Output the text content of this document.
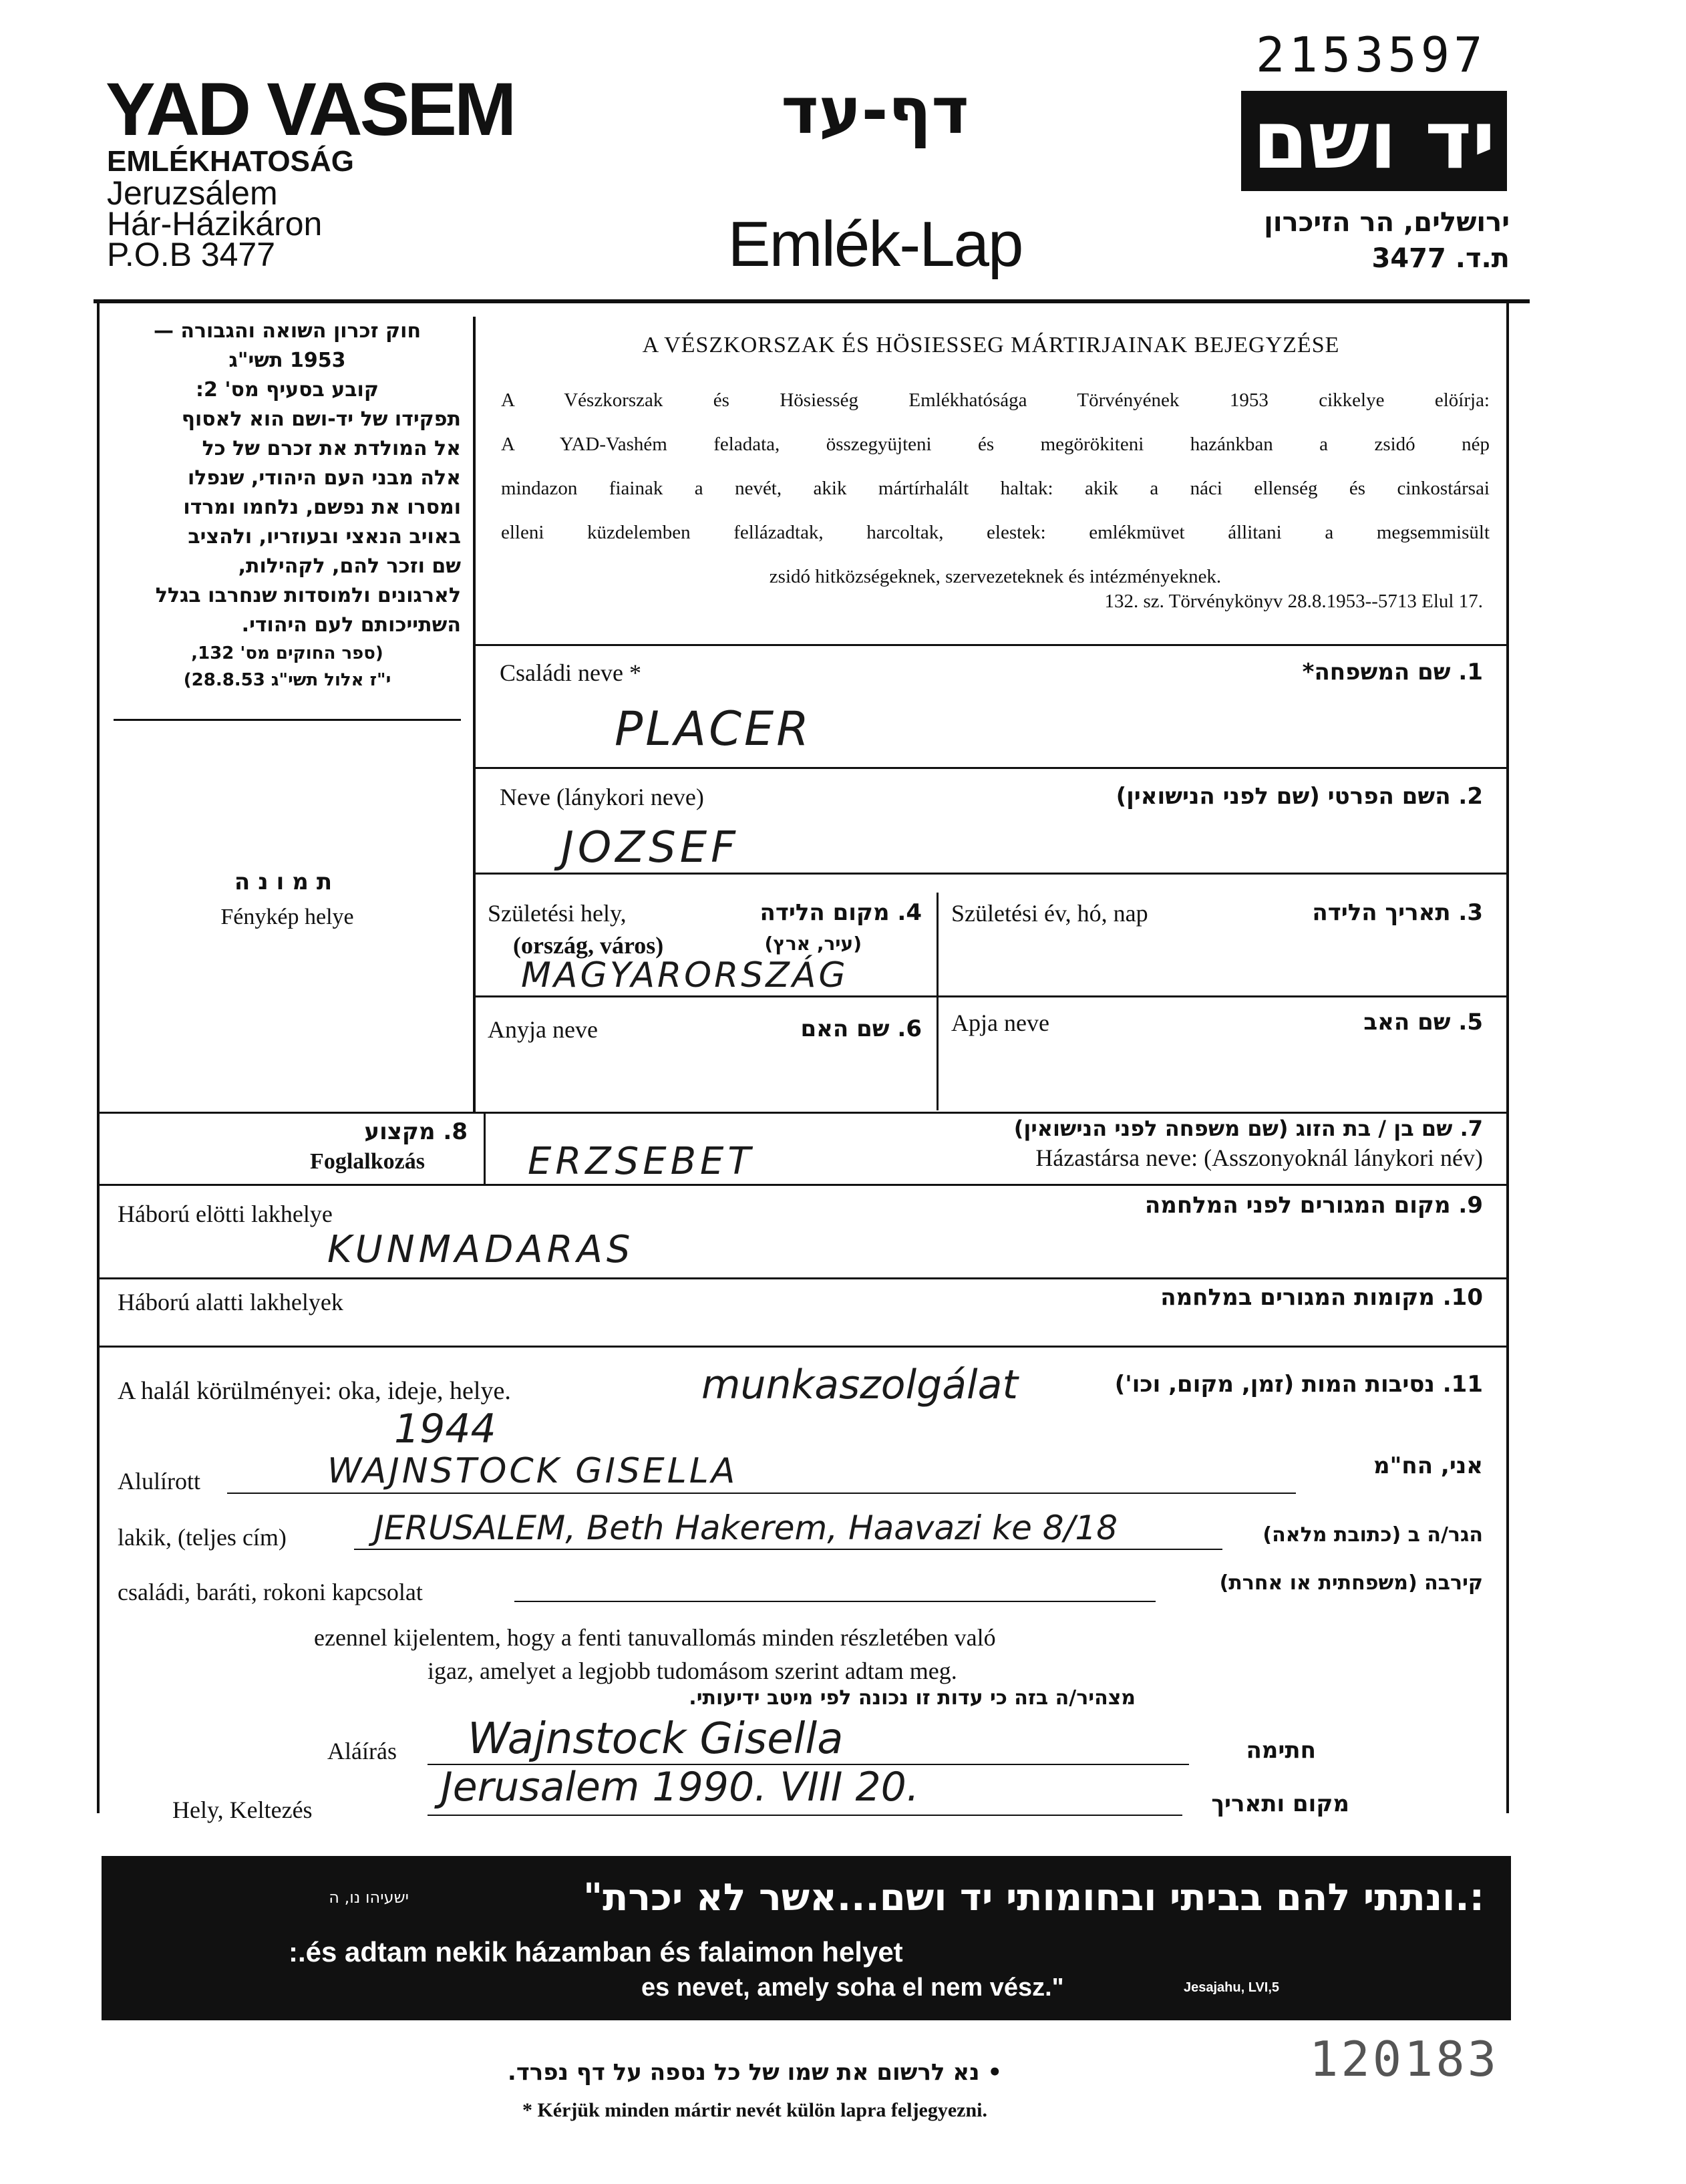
2153597
YAD VASEM
EMLÉKHATOSÁG
Jeruzsálem
Hár-Házikáron
P.O.B 3477
דף-עד
Emlék-Lap
יד ושם
ירושלים, הר הזיכרון
ת.ד. 3477
חוק זכרון השואה והגבורה —
1953 תשי"ג
קובע בסעיף מס' 2:
תפקידו של יד-ושם הוא לאסוף
אל המולדת את זכרם של כל
אלה מבני העם היהודי, שנפלו
ומסרו את נפשם, נלחמו ומרדו
באויב הנאצי ובעוזריו, ולהציב
שם וזכר להם, לקהילות,
לארגונים ולמוסדות שנחרבו בגלל
השתייכותם לעם היהודי.
(ספר החוקים מס' 132,
י"ז אלול תשי"ג 28.8.53)
תמונה
Fénykép helye
A VÉSZKORSZAK ÉS HÖSIESSEG MÁRTIRJAINAK BEJEGYZÉSE
A Vészkorszak és Hösiesség Emlékhatósága Törvényének 1953 cikkelye elöírja:
A YAD-Vashém feladata, összegyüjteni és megörökiteni hazánkban a zsidó nép
mindazon fiainak a nevét, akik mártírhalált haltak: akik a náci ellenség és cinkostársai
elleni küzdelemben fellázadtak, harcoltak, elestek: emlékmüvet állitani a megsemmisült
zsidó hitközségeknek, szervezeteknek és intézményeknek.
132. sz. Törvénykönyv 28.8.1953--5713 Elul 17.
Családi neve *	1. שם המשפחה*
PLACER
Neve (lánykori neve)	2. השם הפרטי (שם לפני הנישואין)
JOZSEF
Születési hely,
(ország, város)
4. מקום הלידה
(עיר, ארץ)
MAGYARORSZÁG
Születési év, hó, nap	3. תאריך הלידה
Anyja neve	6. שם האם Apja neve	5. שם האב
8. מקצוע
Foglalkozás
7. שם בן / בת הזוג (שם משפחה לפני הנישואין)
Házastársa neve: (Asszonyoknál lánykori név)
ERZSEBET
Háború elötti lakhelye	9. מקום המגורים לפני המלחמה
KUNMADARAS
Háború alatti lakhelyek	10. מקומות המגורים במלחמה
A halál körülményei: oka, ideje, helye.	11. נסיבות המות (זמן, מקום, וכו')
munkaszolgálat
1944
Alulírott	WAJNSTOCK GISELLA	אני, הח"מ
lakik, (teljes cím)	JERUSALEM, Beth Hakerem, Haavazi ke 8/18	הגר/ה ב (כתובת מלאה)
családi, baráti, rokoni kapcsolat	קירבה (משפחתית או אחרת)
ezennel kijelentem, hogy a fenti tanuvallomás minden részletében való
igaz, amelyet a legjobb tudomásom szerint adtam meg.
מצהיר/ה בזה כי עדות זו נכונה לפי מיטב ידיעותי.
Aláírás Wajnstock Gisella	חתימה
Hely, Keltezés	Jerusalem 1990. VIII 20.	מקום ותאריך
ישעיהו נו, ה	:.ונתתי להם בביתי ובחומותי יד ושם...אשר לא יכרת"
:.és adtam nekik házamban és falaimon helyet
es nevet, amely soha el nem vész."	Jesajahu, LVI,5
120183
• נא לרשום את שמו של כל נספה על דף נפרד.
* Kérjük minden mártir nevét külön lapra feljegyezni.
